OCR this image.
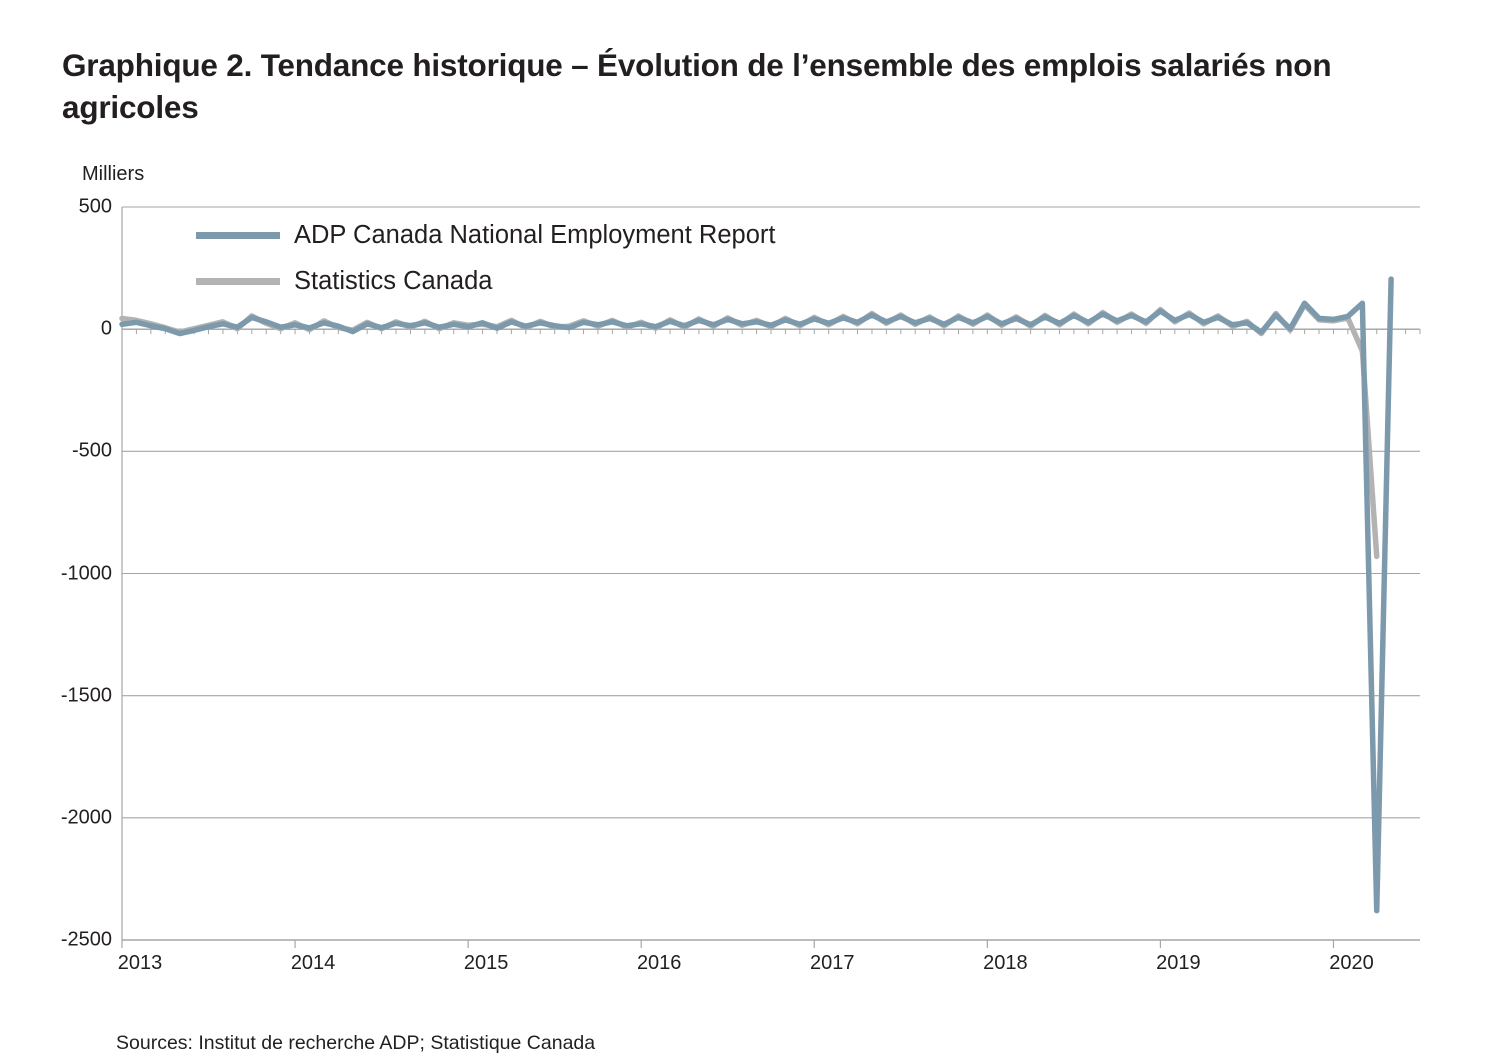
Graphique 2. Tendance historique – Évolution de l’ensemble des emplois salariés non agricoles
Milliers
500
0
-500
-1000
-1500
-2000
-2500
2013	2014	2015	2016	2017	2018	2019	2020
ADP Canada National Employment Report
Statistics Canada
Sources: Institut de recherche ADP; Statistique Canada
